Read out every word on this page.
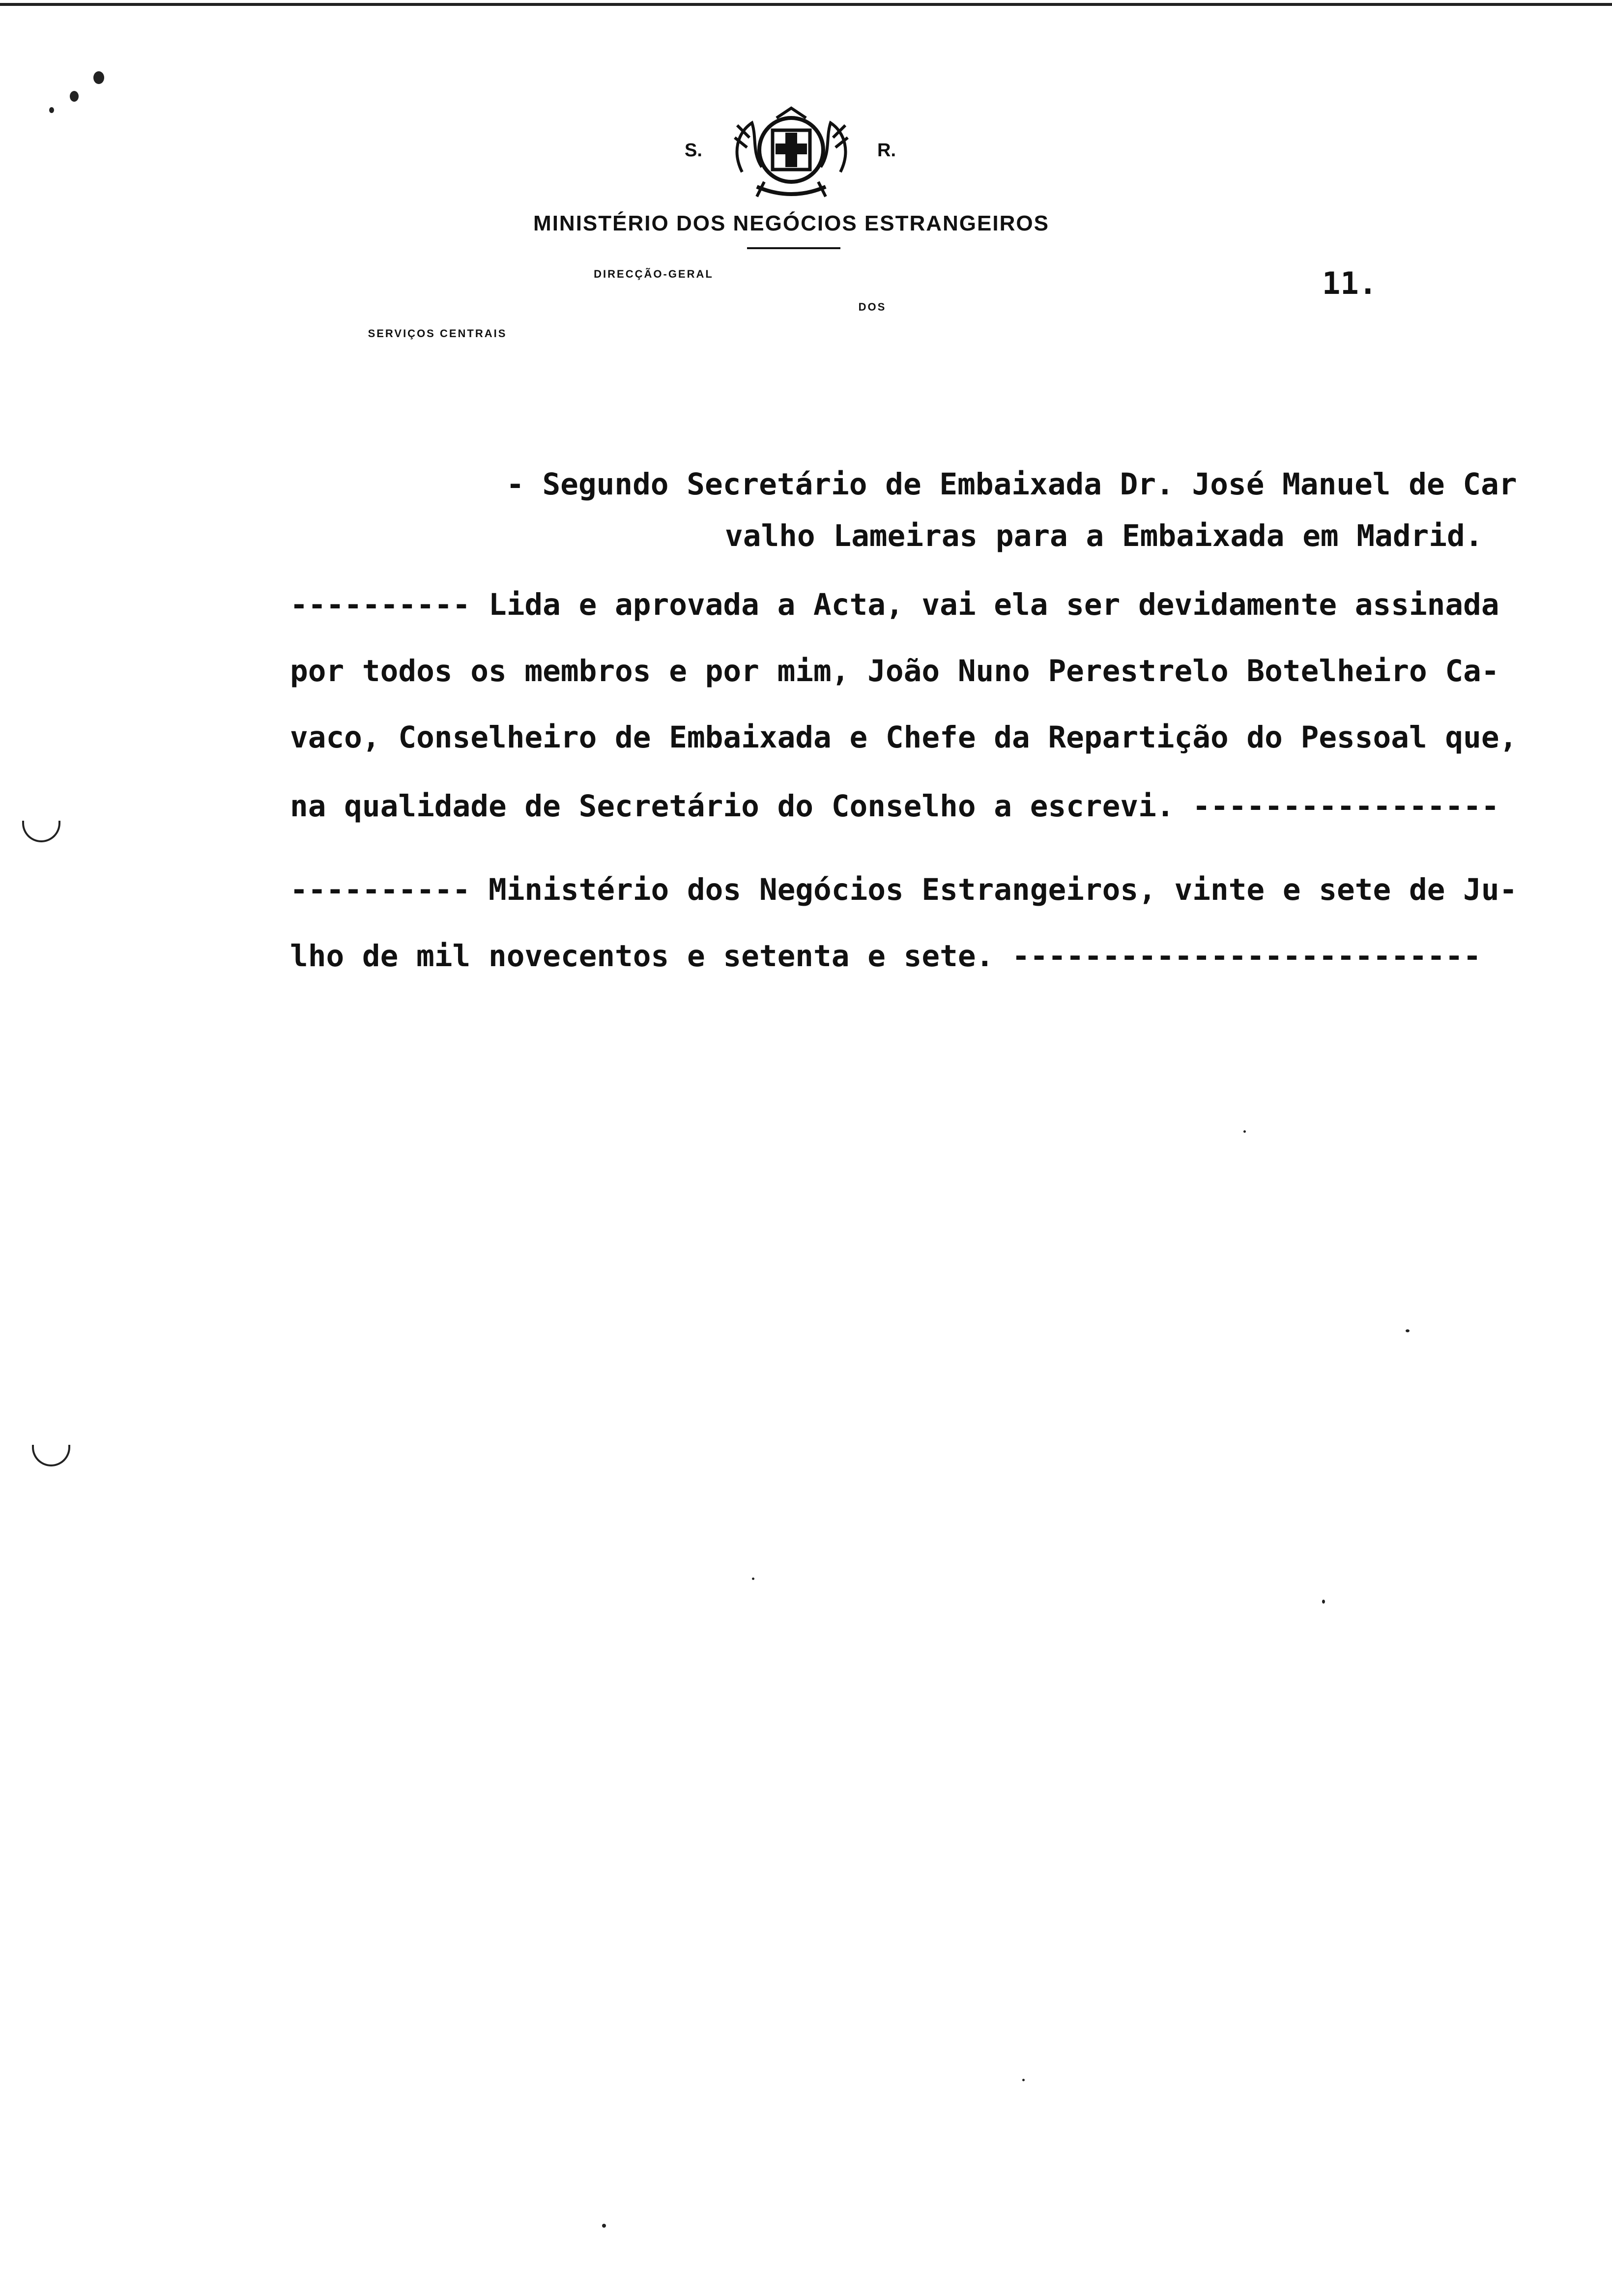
S.	R.
MINISTÉRIO DOS NEGÓCIOS ESTRANGEIROS
DIRECÇÃO-GERAL
DOS
SERVIÇOS CENTRAIS
11.
- Segundo Secretário de Embaixada Dr. José Manuel de Car
valho Lameiras para a Embaixada em Madrid.
---------- Lida e aprovada a Acta, vai ela ser devidamente assinada
por todos os membros e por mim, João Nuno Perestrelo Botelheiro Ca-
vaco, Conselheiro de Embaixada e Chefe da Repartição do Pessoal que,
na qualidade de Secretário do Conselho a escrevi. -----------------
---------- Ministério dos Negócios Estrangeiros, vinte e sete de Ju-
lho de mil novecentos e setenta e sete. --------------------------
